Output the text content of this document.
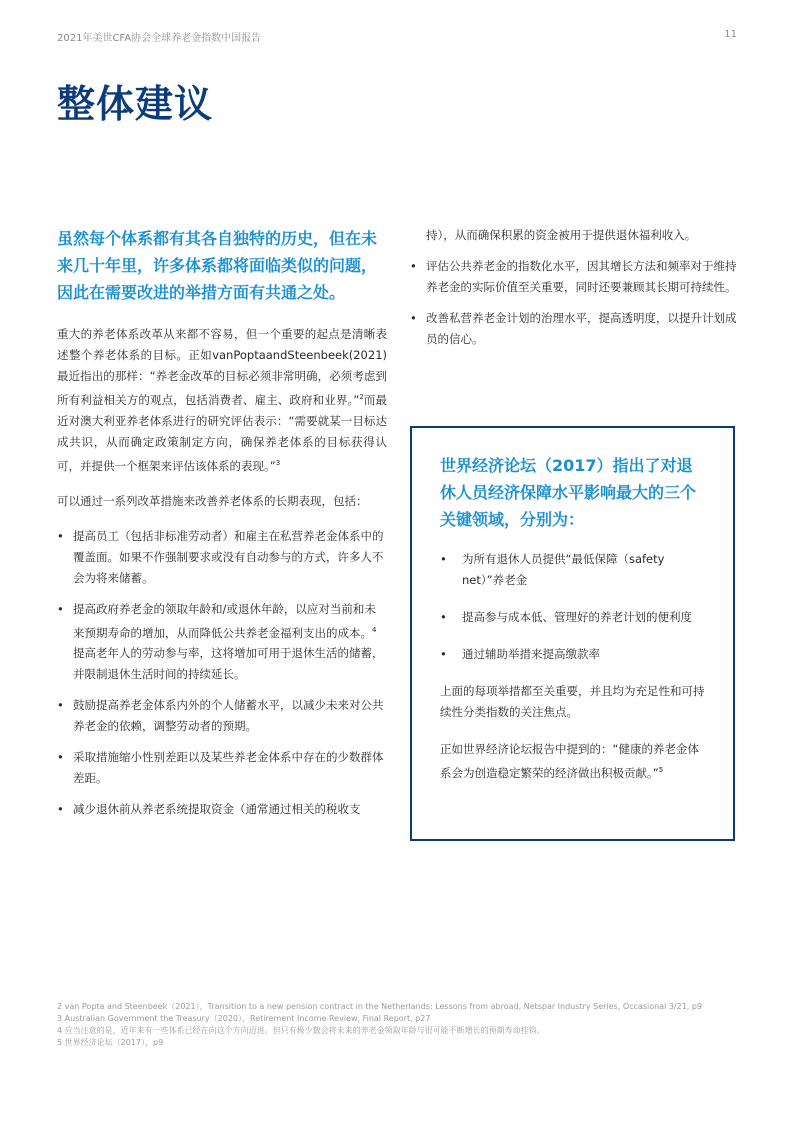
2021年美世CFA协会全球养老金指数中国报告	11
整体建议

虽然每个体系都有其各自独特的历史，但在未来几十年里，许多体系都将面临类似的问题，因此在需要改进的举措方面有共通之处。

重大的养老体系改革从来都不容易，但一个重要的起点是清晰表述整个养老体系的目标。正如vanPoptaandSteenbeek(2021)最近指出的那样：“养老金改革的目标必须非常明确，必须考虑到所有利益相关方的观点，包括消费者、雇主、政府和业界。”$^2$而最近对澳大利亚养老体系进行的研究评估表示：“需要就某一目标达成共识，从而确定政策制定方向，确保养老体系的目标获得认可，并提供一个框架来评估该体系的表现。”$^3$

可以通过一系列改革措施来改善养老体系的长期表现，包括：

• 提高员工（包括非标准劳动者）和雇主在私营养老金体系中的覆盖面。如果不作强制要求或没有自动参与的方式，许多人不会为将来储蓄。
• 提高政府养老金的领取年龄和/或退休年龄，以应对当前和未来预期寿命的增加，从而降低公共养老金福利支出的成本。$^4$提高老年人的劳动参与率，这将增加可用于退休生活的储蓄，并限制退休生活时间的持续延长。
• 鼓励提高养老金体系内外的个人储蓄水平，以减少未来对公共养老金的依赖，调整劳动者的预期。
• 采取措施缩小性别差距以及某些养老金体系中存在的少数群体差距。
• 减少退休前从养老系统提取资金（通常通过相关的税收支

持），从而确保积累的资金被用于提供退休福利收入。

• 评估公共养老金的指数化水平，因其增长方法和频率对于维持养老金的实际价值至关重要，同时还要兼顾其长期可持续性。
• 改善私营养老金计划的治理水平，提高透明度，以提升计划成员的信心。

世界经济论坛（2017）指出了对退休人员经济保障水平影响最大的三个关键领域，分别为：

• 为所有退休人员提供“最低保障（safety net）”养老金
• 提高参与成本低、管理好的养老计划的便利度
• 通过辅助举措来提高缴款率

上面的每项举措都至关重要，并且均为充足性和可持续性分类指数的关注焦点。

正如世界经济论坛报告中提到的：“健康的养老金体系会为创造稳定繁荣的经济做出积极贡献。”$^5$

2 van Popta and Steenbeek（2021），Transition to a new pension contract in the Netherlands: Lessons from abroad, Netspar Industry Series, Occasional 3/21, p9
3 Australian Government the Treasury（2020），Retirement Income Review, Final Report, p27
4 应当注意的是，近年来有一些体系已经在向这个方向迈进。但只有极少数会将未来的养老金领取年龄与很可能不断增长的预期寿命挂钩。
5 世界经济论坛（2017），p9
